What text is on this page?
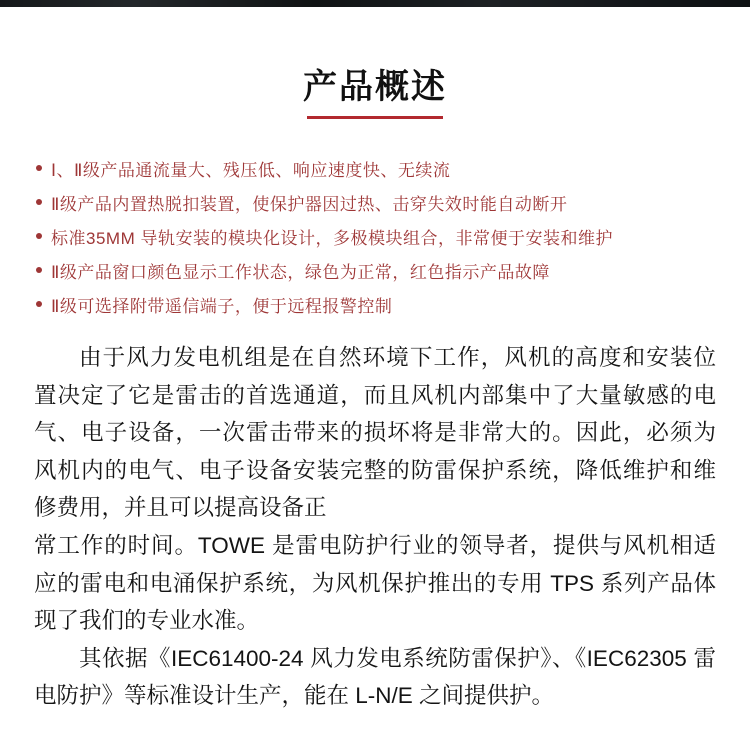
产品概述
Ⅰ、Ⅱ级产品通流量大、残压低、响应速度快、无续流
Ⅱ级产品内置热脱扣装置，使保护器因过热、击穿失效时能自动断开
标准35MM 导轨安装的模块化设计，多极模块组合，非常便于安装和维护
Ⅱ级产品窗口颜色显示工作状态，绿色为正常，红色指示产品故障
Ⅱ级可选择附带遥信端子，便于远程报警控制

由于风力发电机组是在自然环境下工作，风机的高度和安装位

置决定了它是雷击的首选通道，而且风机内部集中了大量敏感的电

气、电子设备，一次雷击带来的损坏将是非常大的。因此，必须为

风机内的电气、电子设备安装完整的防雷保护系统，降低维护和维

修费用，并且可以提高设备正

常工作的时间。TOWE 是雷电防护行业的领导者，提供与风机相适

应的雷电和电涌保护系统，为风机保护推出的专用 TPS 系列产品体

现了我们的专业水准。

其依据《IEC61400-24 风力发电系统防雷保护》、《IEC62305 雷

电防护》等标准设计生产，能在 L-N/E 之间提供护。
